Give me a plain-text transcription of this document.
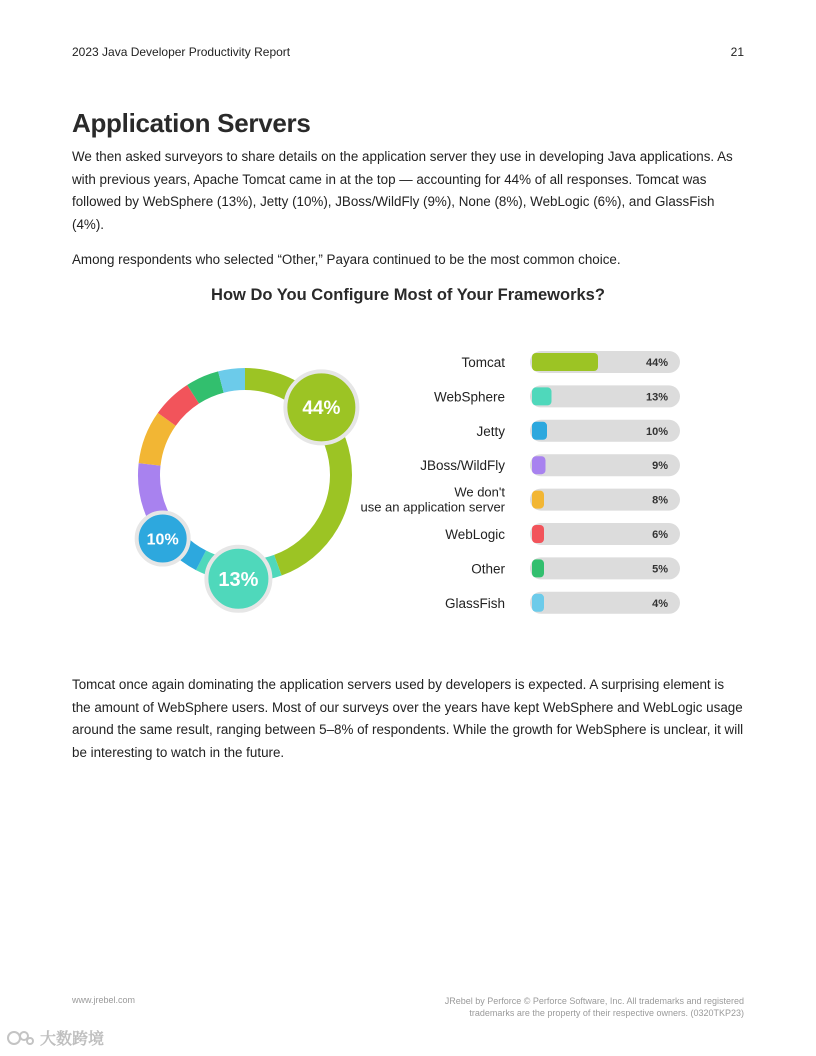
2023 Java Developer Productivity Report	21
Application Servers

We then asked surveyors to share details on the application server they use in developing Java applications. As with previous years, Apache Tomcat came in at the top — accounting for 44% of all responses. Tomcat was followed by WebSphere (13%), Jetty (10%), JBoss/WildFly (9%), None (8%), WebLogic (6%), and GlassFish (4%).

Among respondents who selected “Other,” Payara continued to be the most common choice.

How Do You Configure Most of Your Frameworks?
44%
13%
10%
44%
Tomcat
13%
WebSphere
10%
Jetty
9%
JBoss/WildFly
8%
We don't use an application server
6%
WebLogic
5%
Other
4%
GlassFish

Tomcat once again dominating the application servers used by developers is expected. A surprising element is the amount of WebSphere users. Most of our surveys over the years have kept WebSphere and WebLogic usage around the same result, ranging between 5–8% of respondents. While the growth for WebSphere is unclear, it will be interesting to watch in the future.

www.jrebel.com	JRebel by Perforce © Perforce Software, Inc. All trademarks and registered trademarks are the property of their respective owners. (0320TKP23)
大数跨境
